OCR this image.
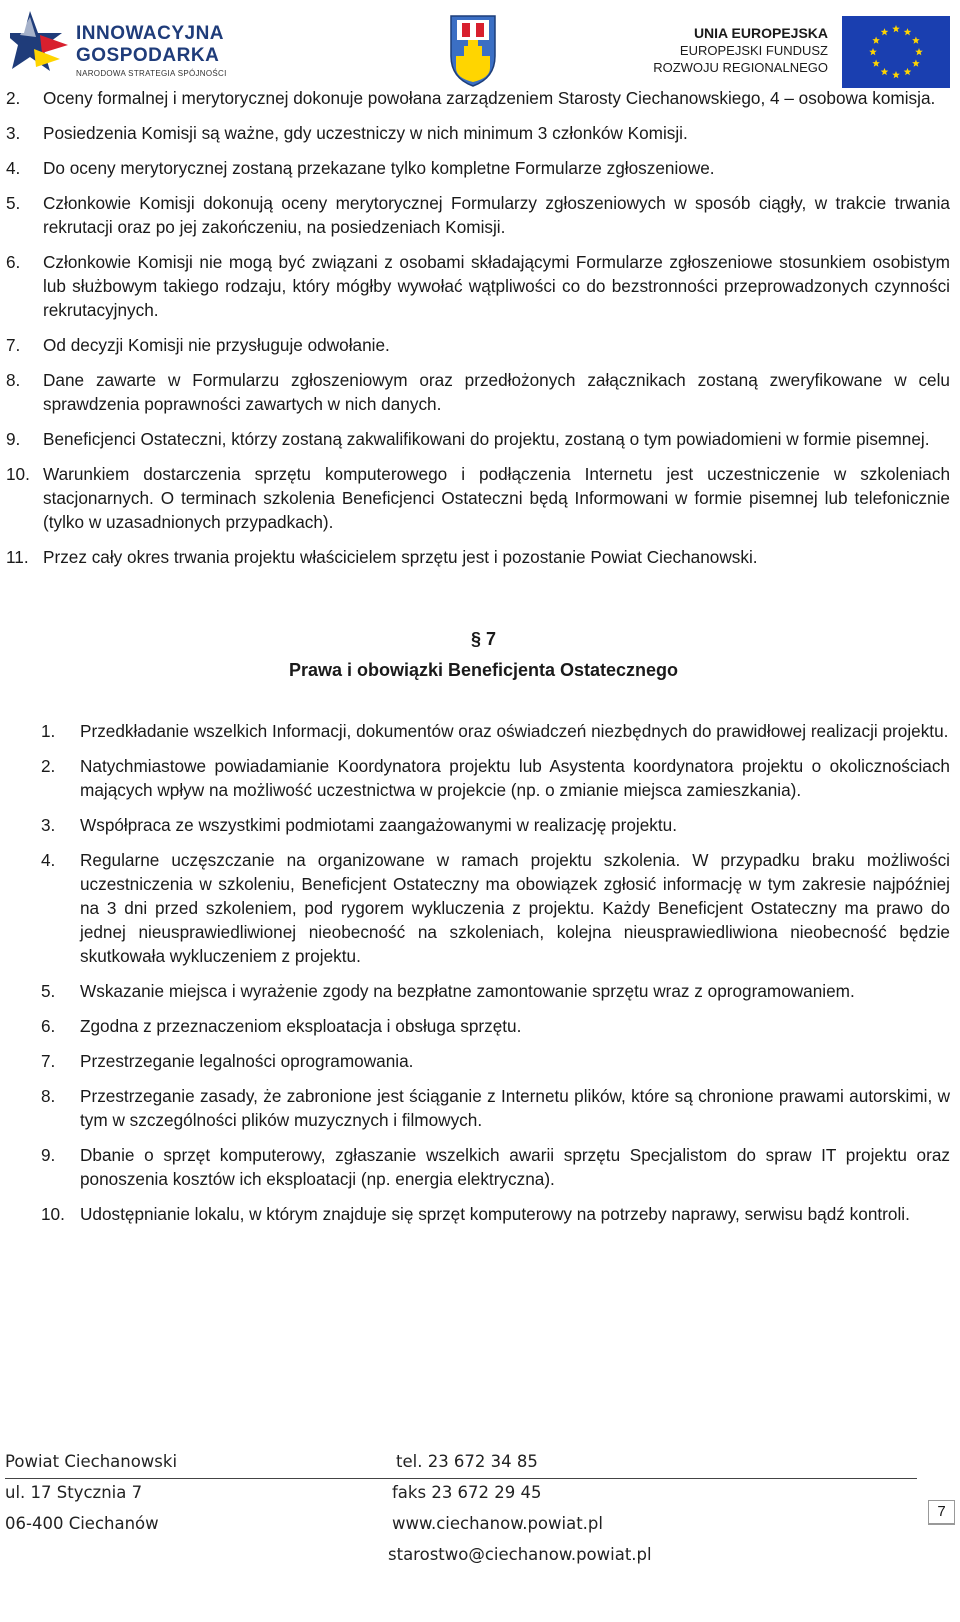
INNOWACYJNA
GOSPODARKA
NARODOWA STRATEGIA SPÓJNOŚCI
UNIA EUROPEJSKA
EUROPEJSKI FUNDUSZ
ROZWOJU REGIONALNEGO
2. Oceny formalnej i merytorycznej dokonuje powołana zarządzeniem Starosty Ciechanowskiego, 4 – osobowa komisja.
3. Posiedzenia Komisji są ważne, gdy uczestniczy w nich minimum 3 członków Komisji.
4. Do oceny merytorycznej zostaną przekazane tylko kompletne Formularze zgłoszeniowe.
5. Członkowie Komisji dokonują oceny merytorycznej Formularzy zgłoszeniowych w sposób ciągły, w trakcie trwania rekrutacji oraz po jej zakończeniu, na posiedzeniach Komisji.
6. Członkowie Komisji nie mogą być związani z osobami składającymi Formularze zgłoszeniowe stosunkiem osobistym lub służbowym takiego rodzaju, który mógłby wywołać wątpliwości co do bezstronności przeprowadzonych czynności rekrutacyjnych.
7. Od decyzji Komisji nie przysługuje odwołanie.
8. Dane zawarte w Formularzu zgłoszeniowym oraz przedłożonych załącznikach zostaną zweryfikowane w celu sprawdzenia poprawności zawartych w nich danych.
9. Beneficjenci Ostateczni, którzy zostaną zakwalifikowani do projektu, zostaną o tym powiadomieni w formie pisemnej.
10. Warunkiem dostarczenia sprzętu komputerowego i podłączenia Internetu jest uczestniczenie w szkoleniach stacjonarnych. O terminach szkolenia Beneficjenci Ostateczni będą Informowani w formie pisemnej lub telefonicznie (tylko w uzasadnionych przypadkach).
11. Przez cały okres trwania projektu właścicielem sprzętu jest i pozostanie Powiat Ciechanowski.
§ 7
Prawa i obowiązki Beneficjenta Ostatecznego
1. Przedkładanie wszelkich Informacji, dokumentów oraz oświadczeń niezbędnych do prawidłowej realizacji projektu.
2. Natychmiastowe powiadamianie Koordynatora projektu lub Asystenta koordynatora projektu o okolicznościach mających wpływ na możliwość uczestnictwa w projekcie (np. o zmianie miejsca zamieszkania).
3. Współpraca ze wszystkimi podmiotami zaangażowanymi w realizację projektu.
4. Regularne uczęszczanie na organizowane w ramach projektu szkolenia. W przypadku braku możliwości uczestniczenia w szkoleniu, Beneficjent Ostateczny ma obowiązek zgłosić informację w tym zakresie najpóźniej na 3 dni przed szkoleniem, pod rygorem wykluczenia z projektu. Każdy Beneficjent Ostateczny ma prawo do jednej nieusprawiedliwionej nieobecność na szkoleniach, kolejna nieusprawiedliwiona nieobecność będzie skutkowała wykluczeniem z projektu.
5. Wskazanie miejsca i wyrażenie zgody na bezpłatne zamontowanie sprzętu wraz z oprogramowaniem.
6. Zgodna z przeznaczeniom eksploatacja i obsługa sprzętu.
7. Przestrzeganie legalności oprogramowania.
8. Przestrzeganie zasady, że zabronione jest ściąganie z Internetu plików, które są chronione prawami autorskimi, w tym w szczególności plików muzycznych i filmowych.
9. Dbanie o sprzęt komputerowy, zgłaszanie wszelkich awarii sprzętu Specjalistom do spraw IT projektu oraz ponoszenia kosztów ich eksploatacji (np. energia elektryczna).
10. Udostępnianie lokalu, w którym znajduje się sprzęt komputerowy na potrzeby naprawy, serwisu bądź kontroli.
Powiat Ciechanowski
ul. 17 Stycznia 7
06-400 Ciechanów
tel. 23 672 34 85
faks 23 672 29 45
www.ciechanow.powiat.pl
starostwo@ciechanow.powiat.pl
7
